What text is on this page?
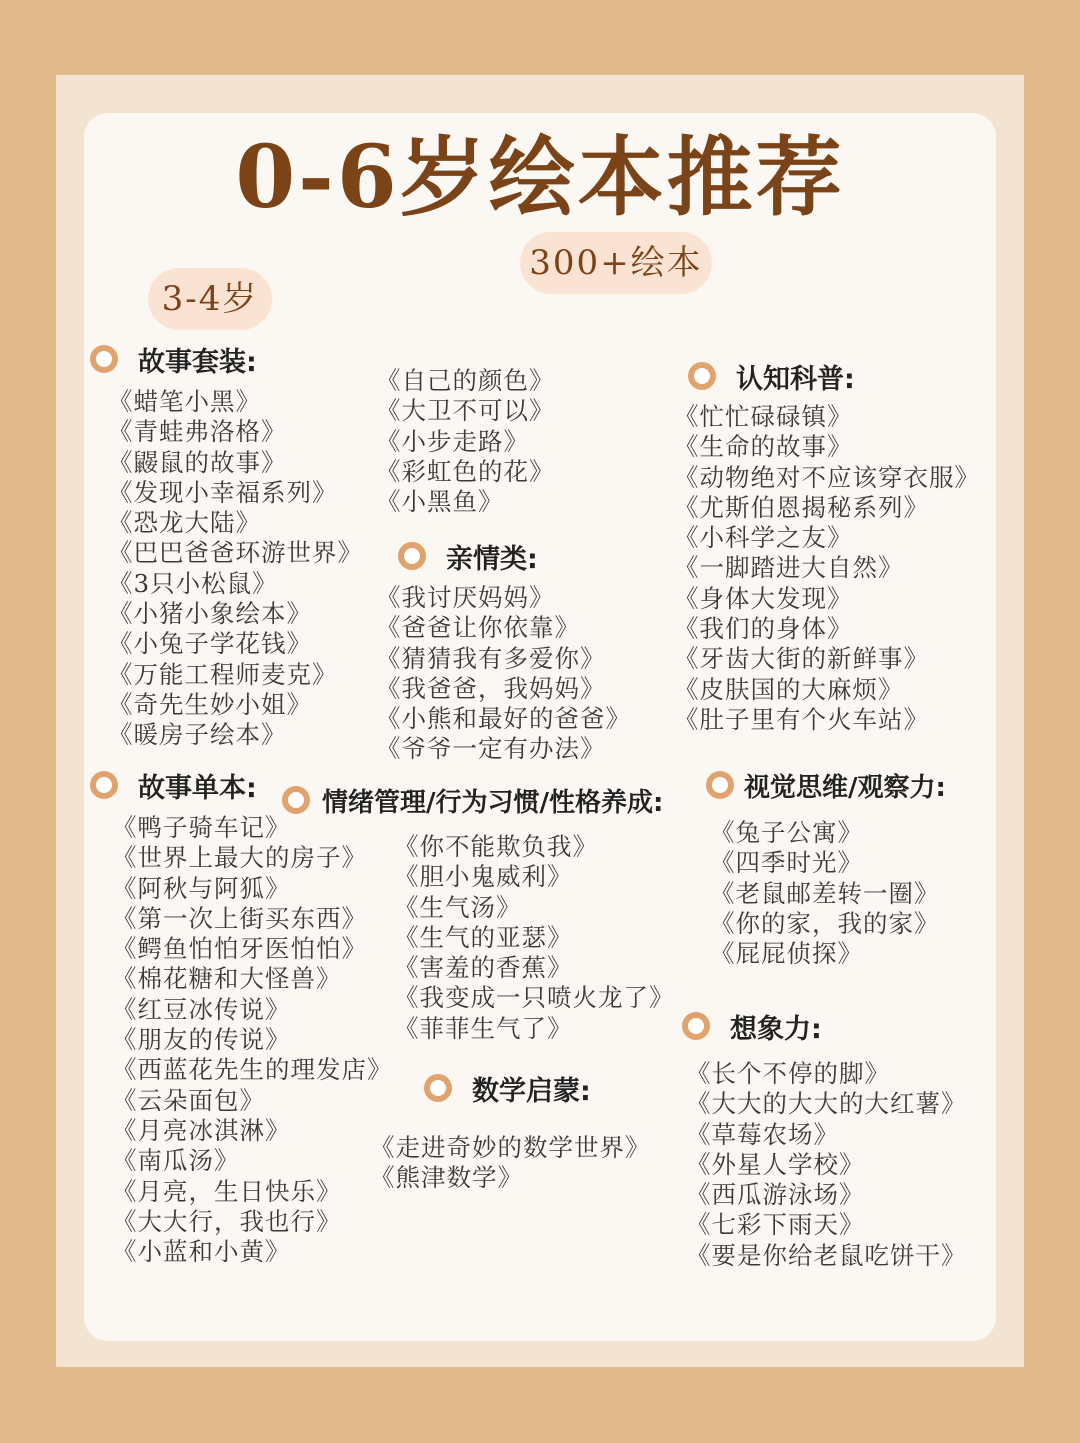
0-6岁绘本推荐
300+绘本
3-4岁
故事套装:
《蜡笔小黑》
《青蛙弗洛格》
《鼹鼠的故事》
《发现小幸福系列》
《恐龙大陆》
《巴巴爸爸环游世界》
《3只小松鼠》
《小猪小象绘本》
《小兔子学花钱》
《万能工程师麦克》
《奇先生妙小姐》
《暖房子绘本》
《自己的颜色》
《大卫不可以》
《小步走路》
《彩虹色的花》
《小黑鱼》
亲情类:
《我讨厌妈妈》
《爸爸让你依靠》
《猜猜我有多爱你》
《我爸爸，我妈妈》
《小熊和最好的爸爸》
《爷爷一定有办法》
认知科普:
《忙忙碌碌镇》
《生命的故事》
《动物绝对不应该穿衣服》
《尤斯伯恩揭秘系列》
《小科学之友》
《一脚踏进大自然》
《身体大发现》
《我们的身体》
《牙齿大街的新鲜事》
《皮肤国的大麻烦》
《肚子里有个火车站》
故事单本:
《鸭子骑车记》
《世界上最大的房子》
《阿秋与阿狐》
《第一次上街买东西》
《鳄鱼怕怕牙医怕怕》
《棉花糖和大怪兽》
《红豆冰传说》
《朋友的传说》
《西蓝花先生的理发店》
《云朵面包》
《月亮冰淇淋》
《南瓜汤》
《月亮，生日快乐》
《大大行，我也行》
《小蓝和小黄》
情绪管理/行为习惯/性格养成:
《你不能欺负我》
《胆小鬼威利》
《生气汤》
《生气的亚瑟》
《害羞的香蕉》
《我变成一只喷火龙了》
《菲菲生气了》
视觉思维/观察力:
《兔子公寓》
《四季时光》
《老鼠邮差转一圈》
《你的家，我的家》
《屁屁侦探》
数学启蒙:
《走进奇妙的数学世界》
《熊津数学》
想象力:
《长个不停的脚》
《大大的大大的大红薯》
《草莓农场》
《外星人学校》
《西瓜游泳场》
《七彩下雨天》
《要是你给老鼠吃饼干》
